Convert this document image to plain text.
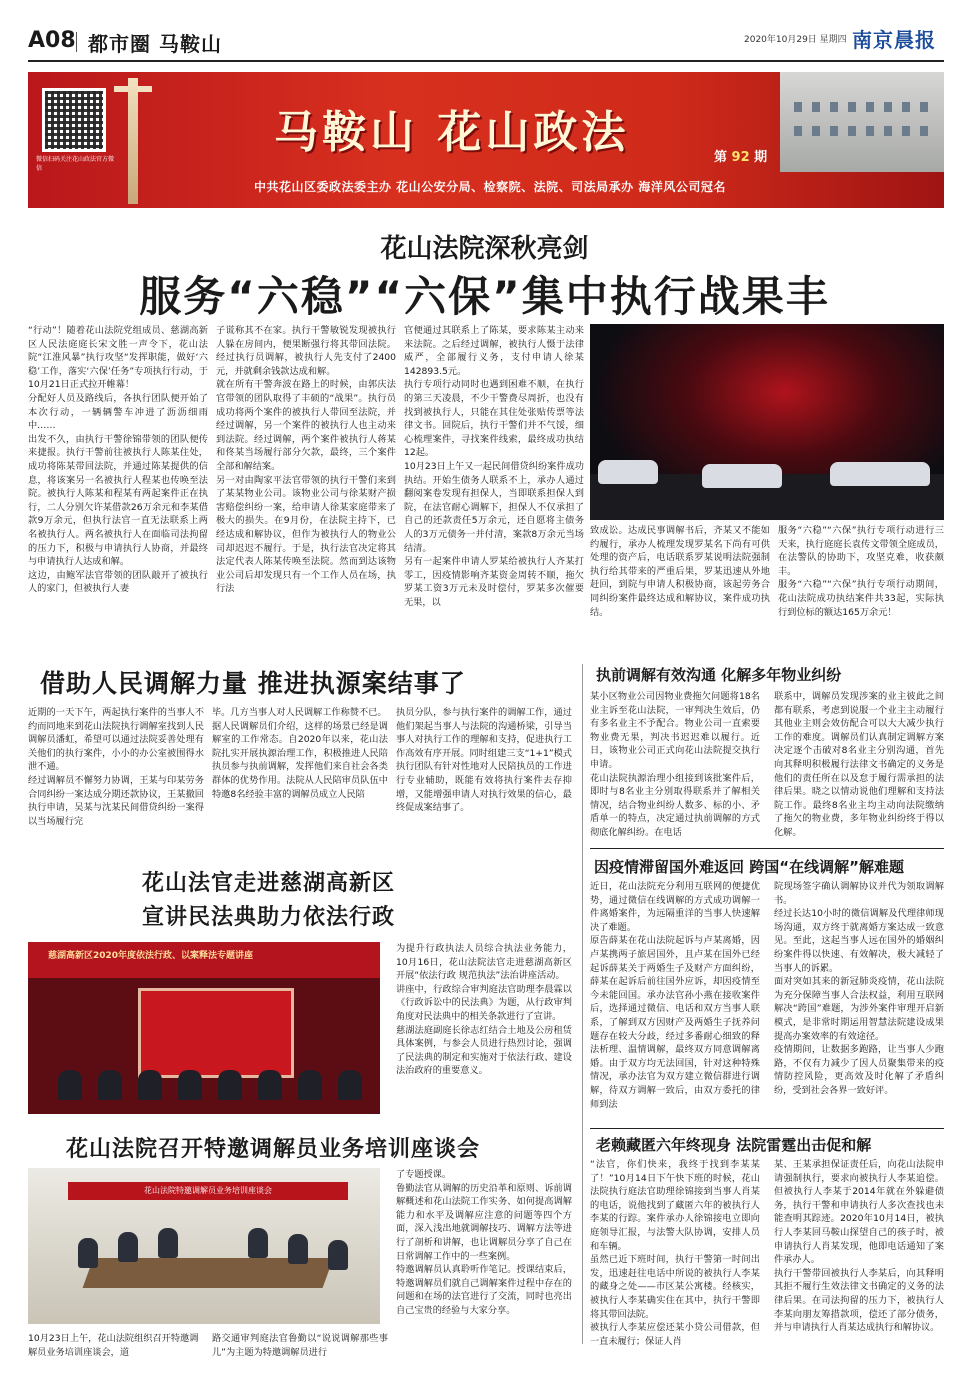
A08 都市圈 马鞍山	2020年10月29日 星期四 南京晨报
微信扫码关注花山政法官方微信
马鞍山 花山政法	第 92 期
中共花山区委政法委主办 花山公安分局、检察院、法院、司法局承办 海洋风公司冠名
花山法院深秋亮剑
服务“六稳”“六保”集中执行战果丰
“行动”！随着花山法院党组成员、慈湖高新区人民法庭庭长宋文胜一声令下，花山法院“江淮风暴”执行攻坚“发挥职能，做好‘六稳’工作，落实‘六保’任务”专项执行行动，于10月21日正式拉开帷幕！
分配好人员及路线后，各执行团队便开始了本次行动，一辆辆警车冲进了沥沥细雨中……
出发不久，由执行干警徐锦带领的团队便传来捷报。执行干警前往被执行人陈某住处，成功将陈某带回法院，并通过陈某提供的信息，将该案另一名被执行人程某也传唤至法院。被执行人陈某和程某有两起案件正在执行，二人分别欠许某借款26万余元和李某借款9万余元，但执行法官一直无法联系上两名被执行人。两名被执行人在面临司法拘留的压力下，积极与申请执行人协商，并最终与申请执行人达成和解。
这边，由鲍军法官带领的团队敲开了被执行人的家门，但被执行人妻
子谎称其不在家。执行干警敏锐发现被执行人躲在房间内，便果断强行将其带回法院。经过执行员调解，被执行人先支付了2400元，并就剩余钱款达成和解。
就在所有干警奔波在路上的时候，由郭庆法官带领的团队取得了丰硕的“战果”。执行员成功将两个案件的被执行人带回至法院，并经过调解，另一个案件的被执行人也主动来到法院。经过调解，两个案件被执行人蒋某和佟某当场履行部分欠款，最终，三个案件全部和解结案。
另一对由陶家平法官带领的执行干警们来到了某某物业公司。该物业公司与徐某财产损害赔偿纠纷一案，给申请人徐某家庭带来了极大的损失。在9月份，在法院主持下，已经达成和解协议，但作为被执行人的物业公司却迟迟不履行。于是，执行法官决定将其法定代表人陈某传唤至法院。然而到达该物业公司后却发现只有一个工作人员在场，执行法
官便通过其联系上了陈某，要求陈某主动来来法院。之后经过调解，被执行人慑于法律威严，全部履行义务，支付申请人徐某142893.5元。
执行专项行动同时也遇到困难不顺，在执行的第三天凌晨，不少干警费尽周折，也没有找到被执行人，只能在其住处张贴传票等法律文书。回院后，执行干警们并不气馁，细心梳理案件，寻找案件线索，最终成功执结12起。
10月23日上午又一起民间借贷纠纷案件成功执结。开始生债务人联系不上，承办人通过翻阅案卷发现有担保人，当即联系担保人到院，在法官耐心调解下，担保人不仅承担了自己的还款责任5万余元，还自愿将主债务人的3万元债务一并付清，案款8万余元当场结清。
另有一起案件申请人罗某给被执行人齐某打零工，因疫情影响齐某资金周转不顺，拖欠罗某工资3万元未及时偿付，罗某多次催要无果，以
致成讼。达成民事调解书后，齐某又不能如约履行，承办人梳理发现罗某名下尚有可供处理的资产后，电话联系罗某说明法院强制执行给其带来的严重后果，罗某迅速从外地赶回，到院与申请人积极协商，该起劳务合同纠纷案件最终达成和解协议，案件成功执结。
服务“六稳”“六保”执行专项行动进行三天来，执行庭庭长袁传文带领全庭成员，在法警队的协助下，攻坚克难，收获颇丰。
服务“六稳”“六保”执行专项行动期间，花山法院成功执结案件共33起，实际执行到位标的额达165万余元！
借助人民调解力量 推进执源案结事了
近期的一天下午，两起执行案件的当事人不约而同地来到花山法院执行调解室找到人民调解员潘虹，希望可以通过法院妥善处理有关他们的执行案件，小小的办公室被围得水泄不通。
经过调解员不懈努力协调，王某与印某劳务合同纠纷一案达成分期还款协议，王某撤回执行申请，吴某与沈某民间借贷纠纷一案得以当场履行完
毕。几方当事人对人民调解工作称赞不已。
据人民调解员们介绍，这样的场景已经是调解室的工作常态。自2020年以来，花山法院扎实开展执源治理工作，积极推进人民陪执员参与执前调解，发挥他们来自社会各类群体的优势作用。法院从人民陪审员队伍中特邀8名经验丰富的调解员成立人民陪
执员分队，参与执行案件的调解工作，通过他们架起当事人与法院的沟通桥梁，引导当事人对执行工作的理解和支持，促进执行工作高效有序开展。同时组建三支“1+1”模式执行团队有针对性地对人民陪执员的工作进行专业辅助，既能有效将执行案件去存抑增，又能增强申请人对执行效果的信心，最终促成案结事了。
执前调解有效沟通 化解多年物业纠纷
某小区物业公司因物业费拖欠问题将18名业主诉至花山法院，一审判决生效后，仍有多名业主不予配合。物业公司一直索要物业费无果，判决书迟迟难以履行。近日，该物业公司正式向花山法院提交执行申请。
花山法院执源治理小组接到该批案件后，即时与8名业主分别取得联系并了解相关情况，结合物业纠纷人数多、标的小、矛盾单一的特点，决定通过执前调解的方式彻底化解纠纷。在电话
联系中，调解员发现涉案的业主彼此之间都有联系，考虑到说服一个业主主动履行其他业主则会效仿配合可以大大减少执行工作的难度。调解员们认真制定调解方案决定逐个击破对8名业主分别沟通，首先向其释明积极履行法律文书确定的义务是他们的责任所在以及怠于履行需承担的法律后果。晓之以情动说他们理解和支持法院工作。最终8名业主均主动向法院缴纳了拖欠的物业费，多年物业纠纷终于得以化解。
花山法官走进慈湖高新区
宣讲民法典助力依法行政
慈湖高新区2020年度依法行政、以案释法专题讲座
为提升行政执法人员综合执法业务能力，10月16日，花山法院法官走进慈湖高新区开展“依法行政 规范执法”法治讲座活动。
讲座中，行政综合审判庭法官助理李晨霖以《行政诉讼中的民法典》为题，从行政审判角度对民法典中的相关条款进行了宣讲。
慈湖法庭副庭长徐志红结合土地及公房租赁具体案例，与参会人员进行热烈讨论，强调了民法典的制定和实施对于依法行政、建设法治政府的重要意义。
因疫情滞留国外难返回 跨国“在线调解”解难题
近日，花山法院充分利用互联网的便捷优势，通过微信在线调解的方式成功调解一件离婚案件，为远隔重洋的当事人快速解决了难题。
原告薛某在花山法院起诉与卢某离婚，因卢某携两子旅居国外，且卢某在国外已经起诉薛某关于两婚生子及财产方面纠纷，薛某在起诉后前往国外应诉，却因疫情至今未能回国。承办法官孙小燕在接收案件后，选择通过微信、电话和双方当事人联系，了解到双方因财产及两婚生子抚养问题存在较大分歧，经过多番耐心细致的释法析理、温情调解，最终双方同意调解离婚。由于双方均无法回国，针对这种特殊情况，承办法官为双方建立微信群进行调解，待双方调解一致后，由双方委托的律师到法
院现场签字确认调解协议并代为领取调解书。
经过长达10小时的微信调解及代理律师现场沟通，双方终于就离婚方案达成一致意见。至此，这起当事人远在国外的婚姻纠纷案件得以快速、有效解决，极大减轻了当事人的诉累。
面对突如其来的新冠肺炎疫情，花山法院为充分保障当事人合法权益，利用互联网解决“跨国”难题，为涉外案件审理开启新模式，是非常时期运用智慧法院建设成果提高办案效率的有效途径。
疫情期间，让数据多跑路，让当事人少跑路，不仅有力减少了因人员聚集带来的疫情防控风险，更高效及时化解了矛盾纠纷，受到社会各界一致好评。
花山法院召开特邀调解员业务培训座谈会
花山法院特邀调解员业务培训座谈会
10月23日上午，花山法院组织召开特邀调解员业务培训座谈会，道
路交通审判庭法官鲁勤以“说说调解那些事儿”为主题为特邀调解员进行
了专题授课。
鲁勤法官从调解的历史沿革和原则、诉前调解概述和花山法院工作实务、如何提高调解能力和水平及调解应注意的问题等四个方面，深入浅出地就调解技巧、调解方法等进行了剖析和讲解，也让调解员分享了自己在日常调解工作中的一些案例。
特邀调解员认真聆听作笔记。授课结束后，特邀调解员们就自己调解案件过程中存在的问题和在场的法官进行了交流，同时也亮出自己宝贵的经验与大家分享。
老赖藏匿六年终现身 法院雷霆出击促和解
“法官，你们快来，我终于找到李某某了！”10月14日下午快下班的时候，花山法院执行庭法官助理徐锦接到当事人肖某的电话，说他找到了藏匿六年的被执行人李某的行踪。案件承办人徐锦接电立即向庭领导汇报，与法警大队协调，安排人员和车辆。
虽然已近下班时间，执行干警第一时间出发，迅速赶往电话中所说的被执行人李某的藏身之处——市区某公寓楼。经核实，被执行人李某确实住在其中，执行干警即将其带回法院。
被执行人李某应偿还某小贷公司借款，但一直未履行；保证人肖
某、王某承担保证责任后，向花山法院申请强制执行，要求向被执行人李某追偿。但被执行人李某于2014年就在外躲避债务，执行干警和申请执行人多次查找也未能查明其踪迹。2020年10月14日，被执行人李某回马鞍山探望自己的孩子时，被申请执行人肖某发现，他即电话通知了案件承办人。
执行干警带回被执行人李某后，向其释明其拒不履行生效法律文书确定的义务的法律后果。在司法拘留的压力下，被执行人李某向朋友筹措款项，偿还了部分债务，并与申请执行人肖某达成执行和解协议。
